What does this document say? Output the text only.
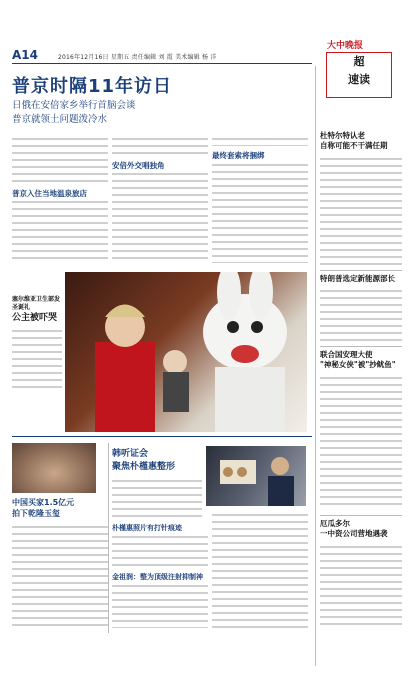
A14	2016年12月16日 星期五 责任编辑 刘 霞 美术编辑 杨 洋
大中晚报
超
速读
普京时隔11年访日
日俄在安倍家乡举行首脑会谈
普京就领土问题泼冷水
普京入住当地温泉旅店
安倍外交唱独角
最终套索将捆绑
杜特尔特认老
自称可能不干满任期
特朗普选定新能源部长
联合国安理大使
"神秘女侠"被"抄鱿鱼"
厄瓜多尔
一中资公司营地遇袭
塞尔维亚卫生部发圣诞礼
公主被吓哭
中国买家1.5亿元
拍下乾隆玉玺
韩听证会
聚焦朴槿惠整形
朴槿惠照片有打针痕迹
金祖润：整为顶级注射抑制神
